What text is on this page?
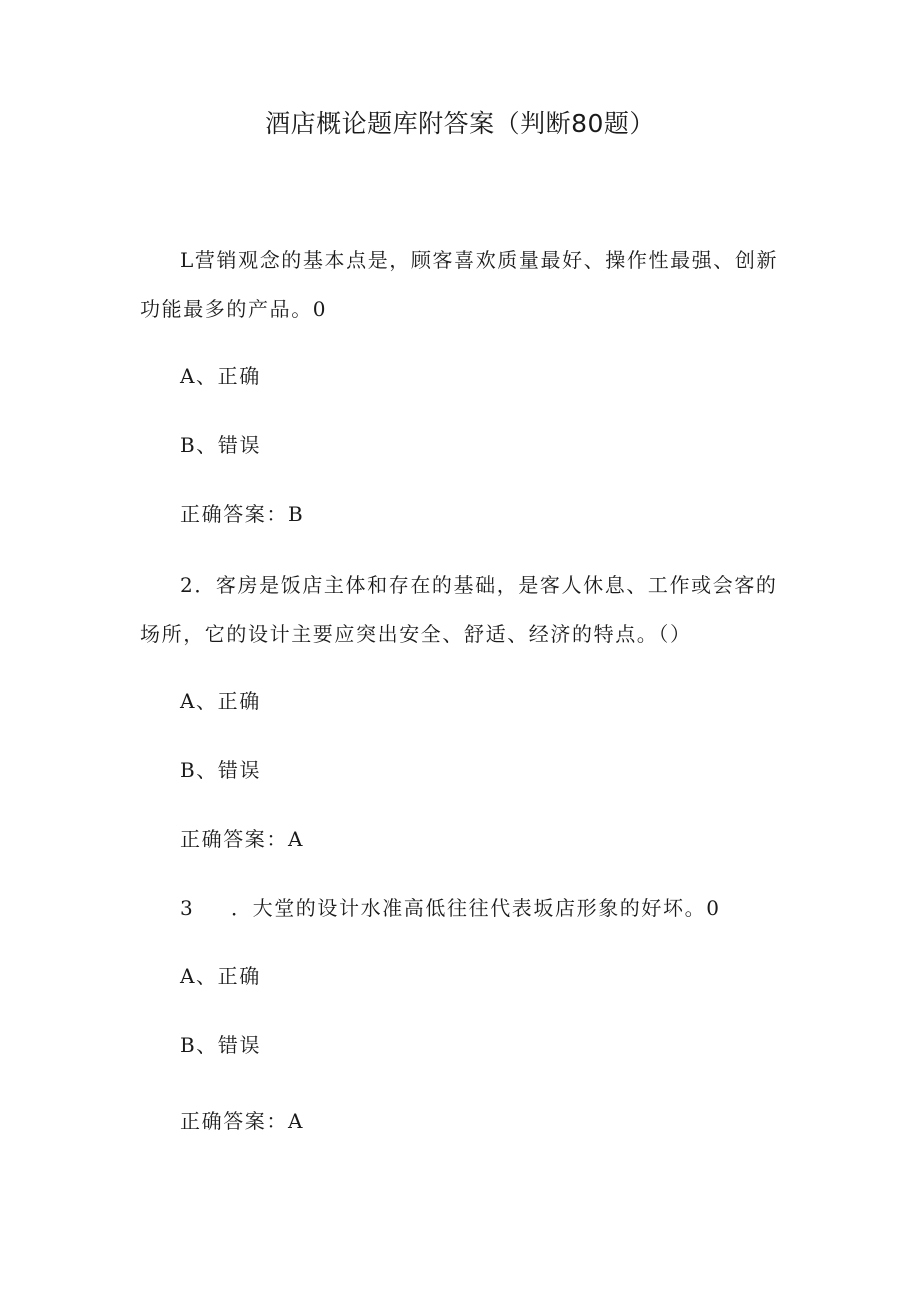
酒店概论题库附答案（判断80题）
L营销观念的基本点是，顾客喜欢质量最好、操作性最强、创新
功能最多的产品。0
A、正确
B、错误
正确答案：B
2．客房是饭店主体和存在的基础，是客人休息、工作或会客的
场所，它的设计主要应突出安全、舒适、经济的特点。（）
A、正确
B、错误
正确答案：A
3 ．大堂的设计水准高低往往代表坂店形象的好坏。0
A、正确
B、错误
正确答案：A
